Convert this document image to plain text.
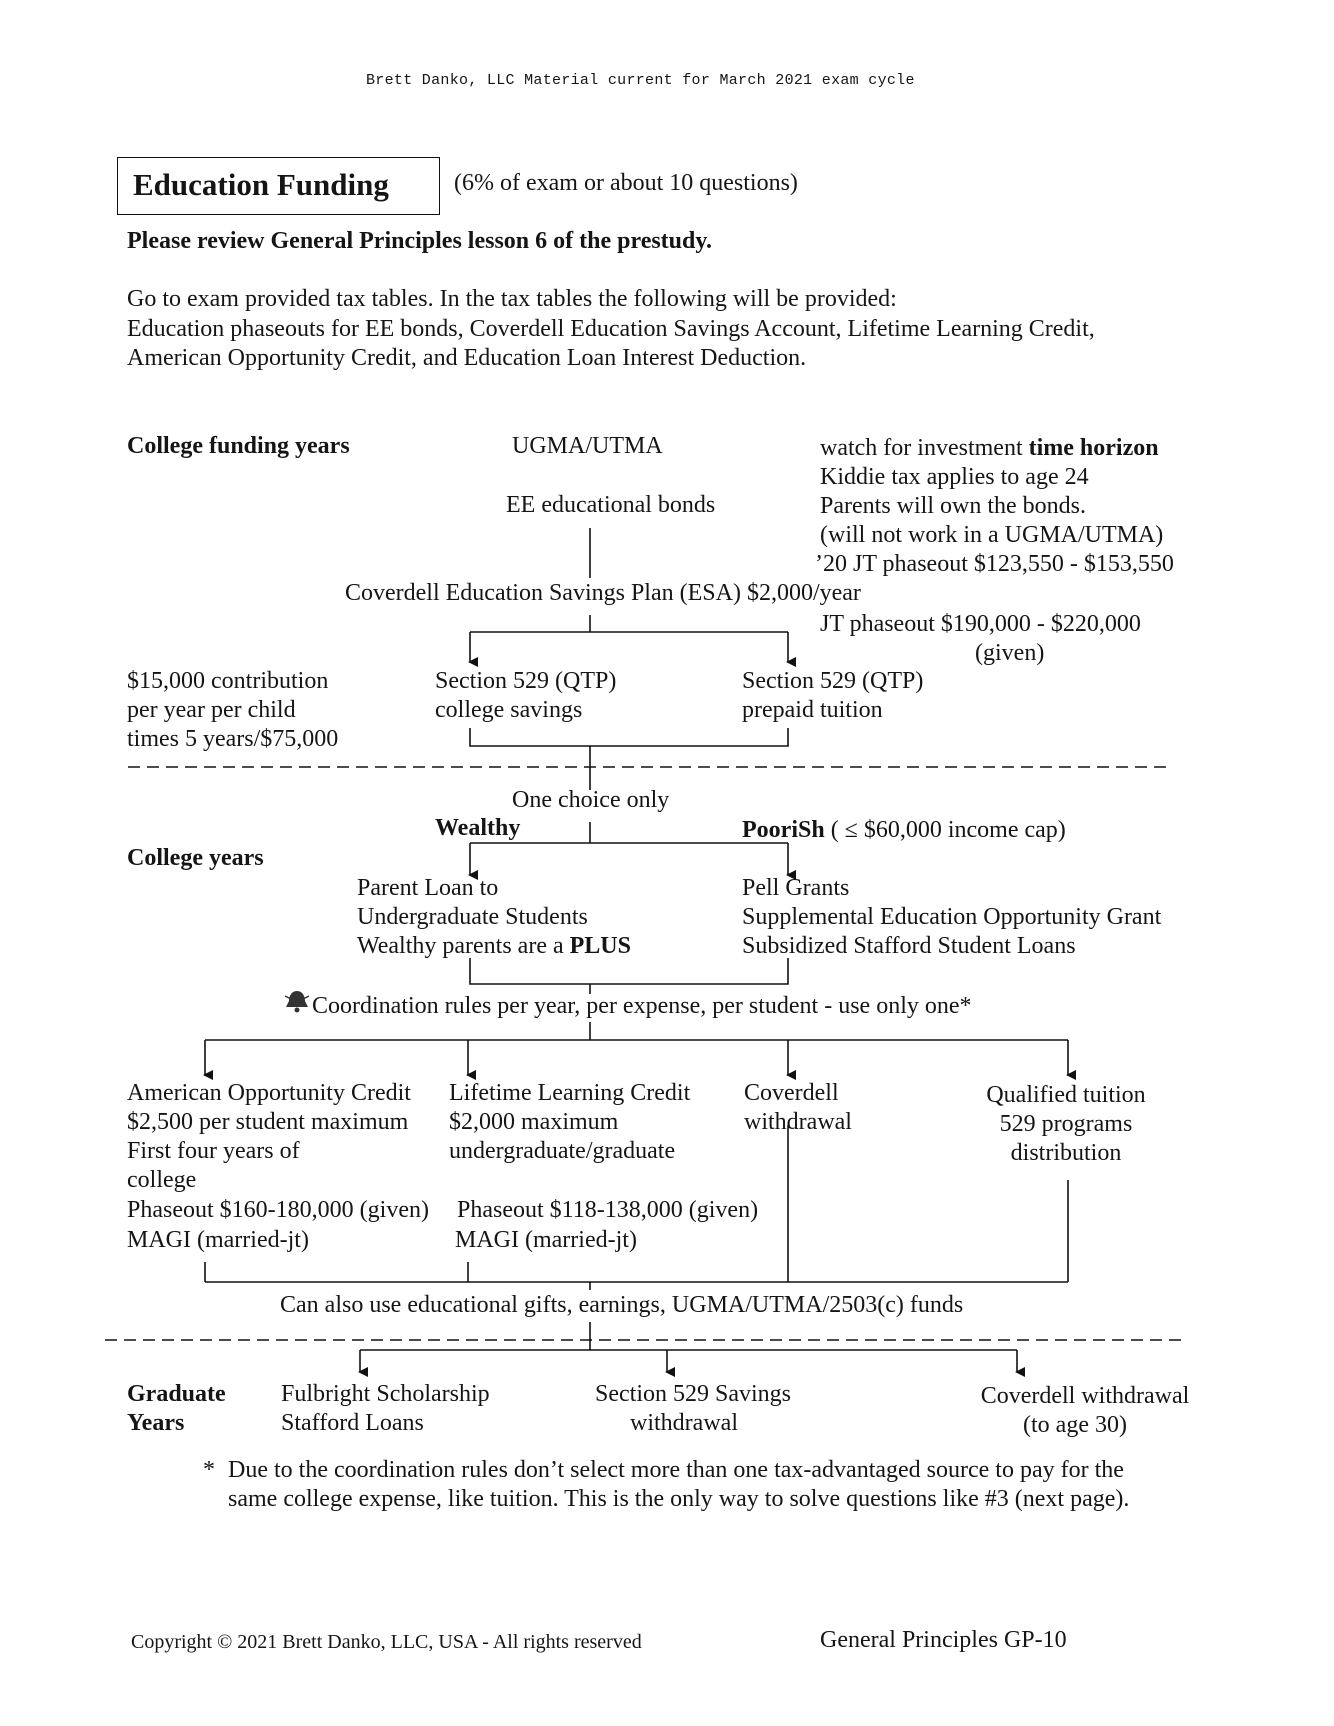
Brett Danko, LLC Material current for March 2021 exam cycle
Education Funding	(6% of exam or about 10 questions)
Please review General Principles lesson 6 of the prestudy.
Go to exam provided tax tables. In the tax tables the following will be provided:
Education phaseouts for EE bonds, Coverdell Education Savings Account, Lifetime Learning Credit,
American Opportunity Credit, and Education Loan Interest Deduction.
College funding years	UGMA/UTMA	watch for investment time horizon
Kiddie tax applies to age 24
EE educational bonds	Parents will own the bonds.
(will not work in a UGMA/UTMA)
’20 JT phaseout $123,550 - $153,550
Coverdell Education Savings Plan (ESA) $2,000/year
JT phaseout $190,000 - $220,000
(given)
$15,000 contribution
per year per child
times 5 years/$75,000
Section 529 (QTP)
college savings
Section 529 (QTP)
prepaid tuition
One choice only
Wealthy	PooriSh ( ≤ $60,000 income cap)
College years
Parent Loan to
Undergraduate Students
Wealthy parents are a PLUS
Pell Grants
Supplemental Education Opportunity Grant
Subsidized Stafford Student Loans
Coordination rules per year, per expense, per student - use only one*
American Opportunity Credit
$2,500 per student maximum
First four years of
college
Phaseout $160-180,000 (given)
MAGI (married-jt)
Lifetime Learning Credit
$2,000 maximum
undergraduate/graduate
Phaseout $118-138,000 (given)
MAGI (married-jt)
Coverdell
withdrawal
Qualified tuition
529 programs
distribution
Can also use educational gifts, earnings, UGMA/UTMA/2503(c) funds
Graduate
Years
Fulbright Scholarship
Stafford Loans
Section 529 Savings
withdrawal
Coverdell withdrawal
(to age 30)
* Due to the coordination rules don’t select more than one tax-advantaged source to pay for the
same college expense, like tuition. This is the only way to solve questions like #3 (next page).
Copyright © 2021 Brett Danko, LLC, USA - All rights reserved	General Principles GP-10
